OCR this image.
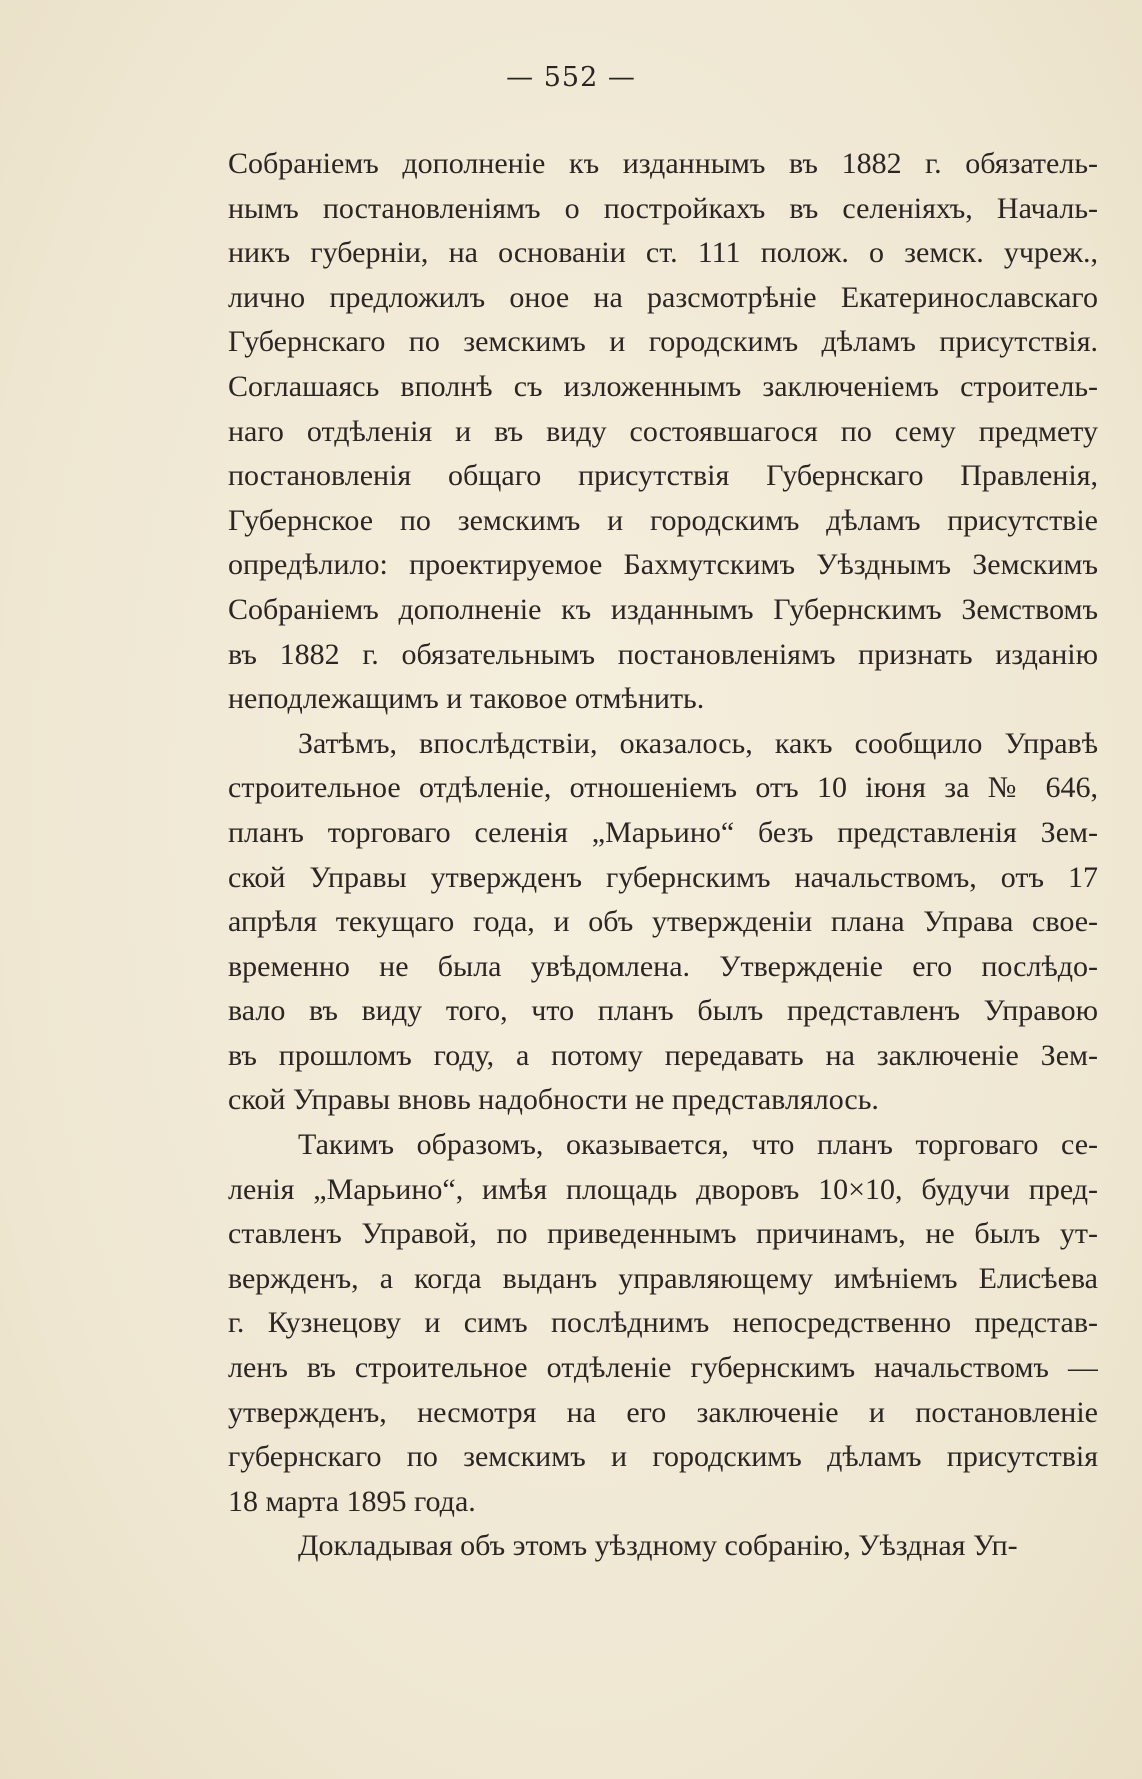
— 552 —
Собраніемъ дополненіе къ изданнымъ въ 1882 г. обязатель-
нымъ постановленіямъ о постройкахъ въ селеніяхъ, Началь-
никъ губерніи, на основаніи ст. 111 полож. о земск. учреж.,
лично предложилъ оное на разсмотрѣніе Екатеринославскаго
Губернскаго по земскимъ и городскимъ дѣламъ присутствія.
Соглашаясь вполнѣ съ изложеннымъ заключеніемъ строитель-
наго отдѣленія и въ виду состоявшагося по сему предмету
постановленія общаго присутствія Губернскаго Правленія,
Губернское по земскимъ и городскимъ дѣламъ присутствіе
опредѣлило: проектируемое Бахмутскимъ Уѣзднымъ Земскимъ
Собраніемъ дополненіе къ изданнымъ Губернскимъ Земствомъ
въ 1882 г. обязательнымъ постановленіямъ признать изданію
неподлежащимъ и таковое отмѣнить.
Затѣмъ, впослѣдствіи, оказалось, какъ сообщило Управѣ
строительное отдѣленіе, отношеніемъ отъ 10 іюня за № 646,
планъ торговаго селенія „Марьино“ безъ представленія Зем-
ской Управы утвержденъ губернскимъ начальствомъ, отъ 17
апрѣля текущаго года, и объ утвержденіи плана Управа свое-
временно не была увѣдомлена. Утвержденіе его послѣдо-
вало въ виду того, что планъ былъ представленъ Управою
въ прошломъ году, а потому передавать на заключеніе Зем-
ской Управы вновь надобности не представлялось.
Такимъ образомъ, оказывается, что планъ торговаго се-
ленія „Марьино“, имѣя площадь дворовъ 10×10, будучи пред-
ставленъ Управой, по приведеннымъ причинамъ, не былъ ут-
вержденъ, а когда выданъ управляющему имѣніемъ Елисѣева
г. Кузнецову и симъ послѣднимъ непосредственно представ-
ленъ въ строительное отдѣленіе губернскимъ начальствомъ —
утвержденъ, несмотря на его заключеніе и постановленіе
губернскаго по земскимъ и городскимъ дѣламъ присутствія
18 марта 1895 года.
Докладывая объ этомъ уѣздному собранію, Уѣздная Уп-
